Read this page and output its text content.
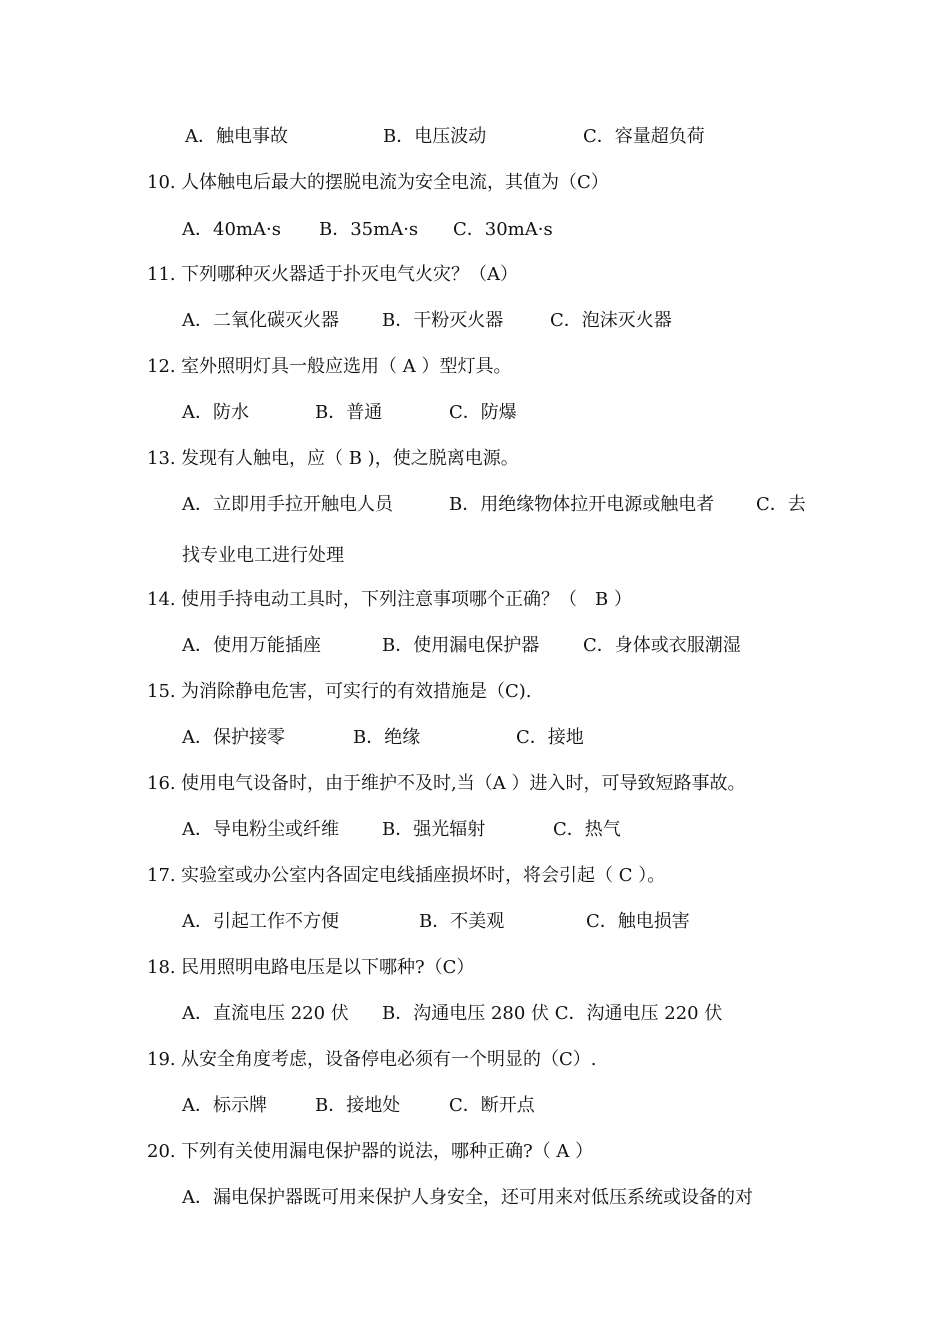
A．触电事故	B．电压波动	C．容量超负荷
10. 人体触电后最大的摆脱电流为安全电流，其值为（C）
A．40mA·s B．35mA·s C．30mA·s
11. 下列哪种灭火器适于扑灭电气火灾？（A）
A．二氧化碳灭火器 B．干粉灭火器	C．泡沫灭火器
12. 室外照明灯具一般应选用（ A ）型灯具。
A．防水	B．普通	C．防爆
13. 发现有人触电，应（ B )，使之脱离电源。
A．立即用手拉开触电人员	B．用绝缘物体拉开电源或触电者 C．去
找专业电工进行处理
14. 使用手持电动工具时，下列注意事项哪个正确？（　B ）
A．使用万能插座	B．使用漏电保护器 C．身体或衣服潮湿
15. 为消除静电危害，可实行的有效措施是（C).
A．保护接零	B．绝缘	C．接地
16. 使用电气设备时，由于维护不及时,当（A ）进入时，可导致短路事故。
A．导电粉尘或纤维 B．强光辐射	C．热气
17. 实验室或办公室内各固定电线插座损坏时，将会引起（ C ）。
A．引起工作不方便	B．不美观	C．触电损害
18. 民用照明电路电压是以下哪种?（C）
A．直流电压 220 伏 B．沟通电压 280 伏 C．沟通电压 220 伏
19. 从安全角度考虑，设备停电必须有一个明显的（C）.
A．标示牌	B．接地处	C．断开点
20. 下列有关使用漏电保护器的说法，哪种正确?（ A ）
A．漏电保护器既可用来保护人身安全，还可用来对低压系统或设备的对
